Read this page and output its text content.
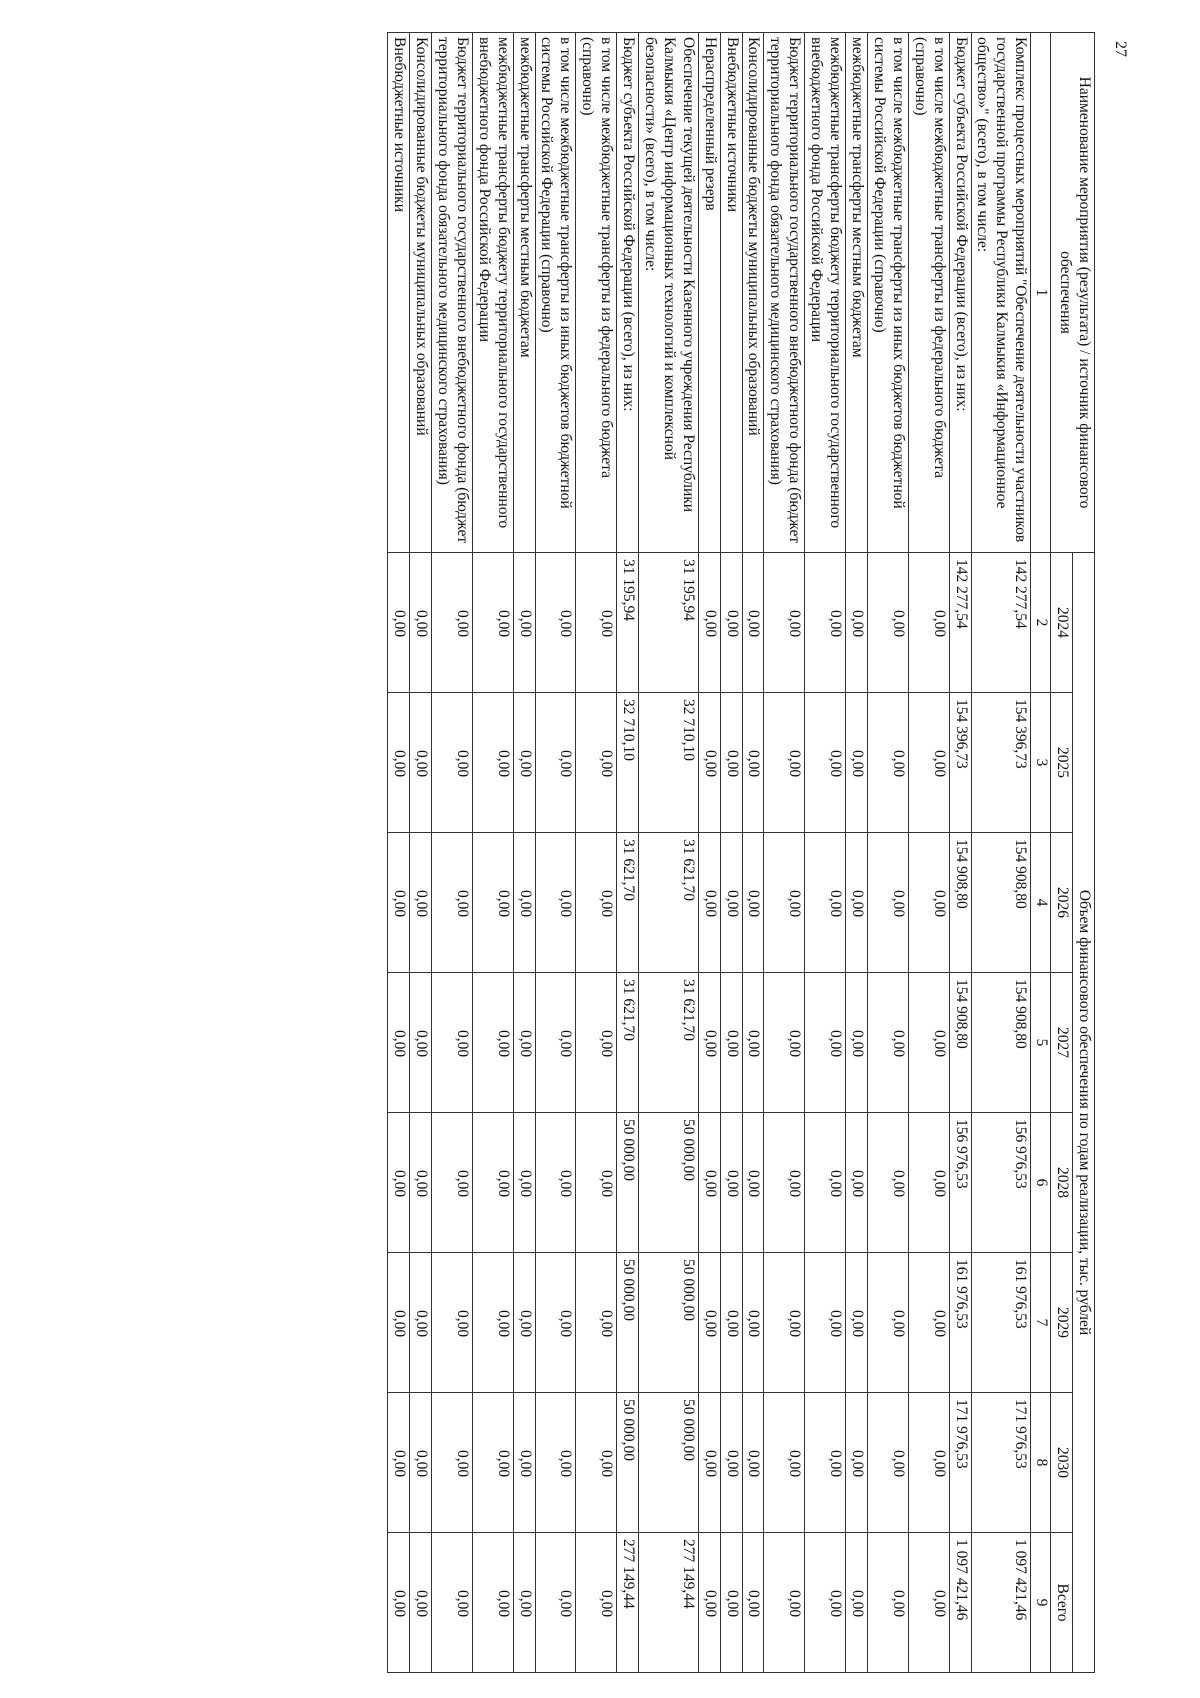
27
Наименование мероприятия (результата) / источник финансового обеспечения	Объем финансового обеспечения по годам реализации, тыс. рублей							
	2024	2025	2026	2027	2028	2029	2030	Всего
1	2	3	4	5	6	7	8	9
Комплекс процессных мероприятий "Обеспечение деятельности участников государственной программы Республики Калмыкия «Информационное общество»" (всего), в том числе:	142 277,54	154 396,73	154 908,80	154 908,80	156 976,53	161 976,53	171 976,53	1 097 421,46
Бюджет субъекта Российской Федерации (всего), из них:	142 277,54	154 396,73	154 908,80	154 908,80	156 976,53	161 976,53	171 976,53	1 097 421,46
в том числе межбюджетные трансферты из федерального бюджета (справочно)	0,00	0,00	0,00	0,00	0,00	0,00	0,00	0,00
в том числе межбюджетные трансферты из иных бюджетов бюджетной системы Российской Федерации (справочно)	0,00	0,00	0,00	0,00	0,00	0,00	0,00	0,00
межбюджетные трансферты местным бюджетам	0,00	0,00	0,00	0,00	0,00	0,00	0,00	0,00
межбюджетные трансферты бюджету территориального государственного внебюджетного фонда Российской Федерации	0,00	0,00	0,00	0,00	0,00	0,00	0,00	0,00
Бюджет территориального государственного внебюджетного фонда (бюджет территориального фонда обязательного медицинского страхования)	0,00	0,00	0,00	0,00	0,00	0,00	0,00	0,00
Консолидированные бюджеты муниципальных образований	0,00	0,00	0,00	0,00	0,00	0,00	0,00	0,00
Внебюджетные источники	0,00	0,00	0,00	0,00	0,00	0,00	0,00	0,00
Нераспределенный резерв	0,00	0,00	0,00	0,00	0,00	0,00	0,00	0,00
Обеспечение текущей деятельности Казенного учреждения Республики Калмыкия «Центр информационных технологий и комплексной безопасности» (всего), в том числе:	31 195,94	32 710,10	31 621,70	31 621,70	50 000,00	50 000,00	50 000,00	277 149,44
Бюджет субъекта Российской Федерации (всего), из них:	31 195,94	32 710,10	31 621,70	31 621,70	50 000,00	50 000,00	50 000,00	277 149,44
в том числе межбюджетные трансферты из федерального бюджета (справочно)	0,00	0,00	0,00	0,00	0,00	0,00	0,00	0,00
в том числе межбюджетные трансферты из иных бюджетов бюджетной системы Российской Федерации (справочно)	0,00	0,00	0,00	0,00	0,00	0,00	0,00	0,00
межбюджетные трансферты местным бюджетам	0,00	0,00	0,00	0,00	0,00	0,00	0,00	0,00
межбюджетные трансферты бюджету территориального государственного внебюджетного фонда Российской Федерации	0,00	0,00	0,00	0,00	0,00	0,00	0,00	0,00
Бюджет территориального государственного внебюджетного фонда (бюджет территориального фонда обязательного медицинского страхования)	0,00	0,00	0,00	0,00	0,00	0,00	0,00	0,00
Консолидированные бюджеты муниципальных образований	0,00	0,00	0,00	0,00	0,00	0,00	0,00	0,00
Внебюджетные источники	0,00	0,00	0,00	0,00	0,00	0,00	0,00	0,00
